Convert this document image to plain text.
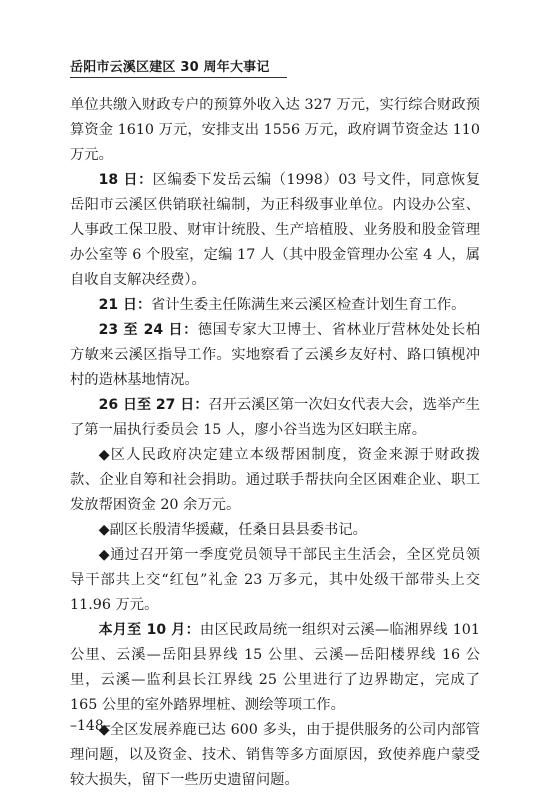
岳阳市云溪区建区 30 周年大事记

单位共缴入财政专户的预算外收入达 327 万元，实行综合财政预算资金 1610 万元，安排支出 1556 万元，政府调节资金达 110 万元。

18 日：区编委下发岳云编（1998）03 号文件，同意恢复岳阳市云溪区供销联社编制，为正科级事业单位。内设办公室、人事政工保卫股、财审计统股、生产培植股、业务股和股金管理办公室等 6 个股室，定编 17 人（其中股金管理办公室 4 人，属自收自支解决经费）。

21 日：省计生委主任陈满生来云溪区检查计划生育工作。

23 至 24 日：德国专家大卫博士、省林业厅营林处处长柏方敏来云溪区指导工作。实地察看了云溪乡友好村、路口镇枧冲村的造林基地情况。

26 日至 27 日：召开云溪区第一次妇女代表大会，选举产生了第一届执行委员会 15 人，廖小谷当选为区妇联主席。

◆区人民政府决定建立本级帮困制度，资金来源于财政拨款、企业自筹和社会捐助。通过联手帮扶向全区困难企业、职工发放帮困资金 20 余万元。

◆副区长殷清华援藏，任桑日县县委书记。

◆通过召开第一季度党员领导干部民主生活会，全区党员领导干部共上交“红包”礼金 23 万多元，其中处级干部带头上交 11.96 万元。

本月至 10 月：由区民政局统一组织对云溪—临湘界线 101 公里、云溪—岳阳县界线 15 公里、云溪—岳阳楼界线 16 公里，云溪—监利县长江界线 25 公里进行了边界勘定，完成了 165 公里的室外踏界埋桩、测绘等项工作。

◆全区发展养鹿已达 600 多头，由于提供服务的公司内部管理问题，以及资金、技术、销售等多方面原因，致使养鹿户蒙受较大损失，留下一些历史遗留问题。

–148–
